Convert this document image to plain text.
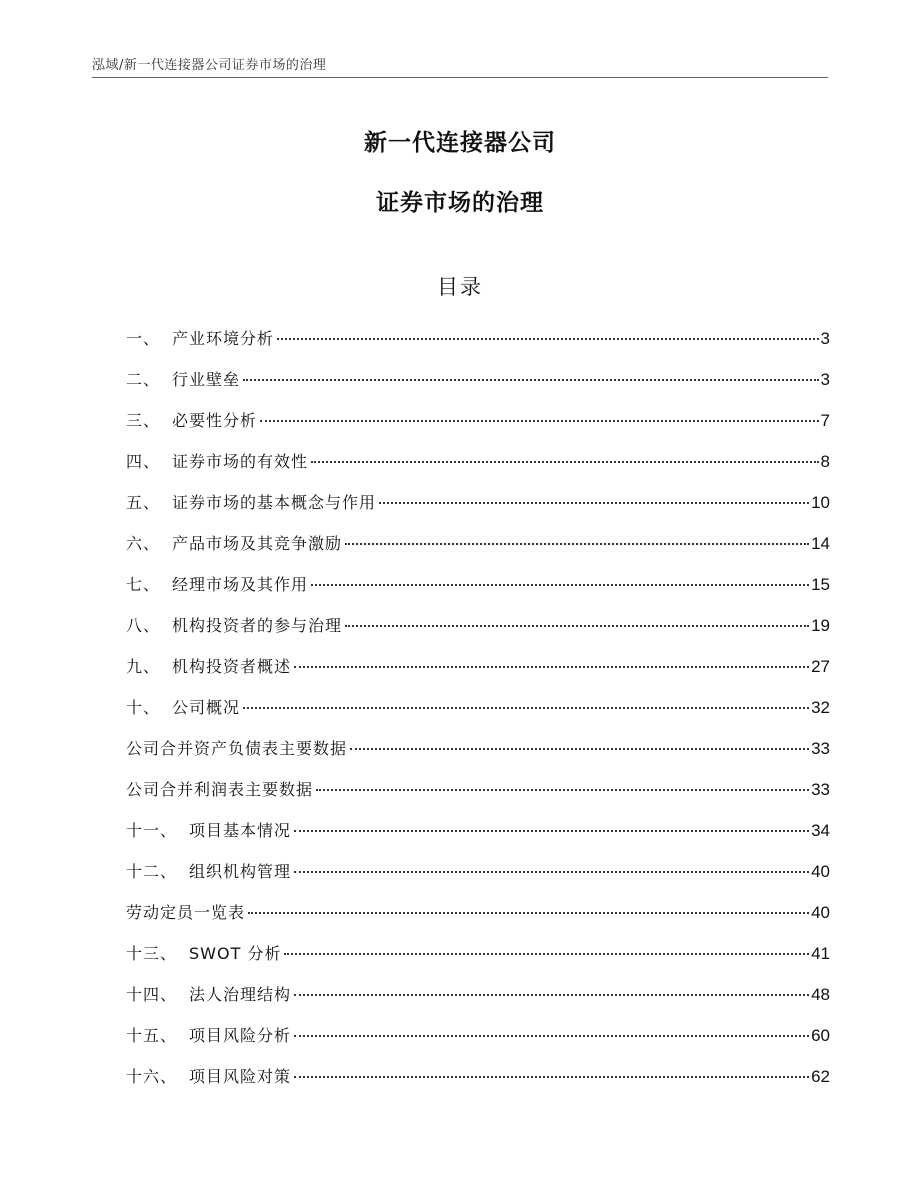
泓域/新一代连接器公司证券市场的治理
新一代连接器公司
证券市场的治理
目录
一、 产业环境分析	3
二、 行业壁垒	3
三、 必要性分析	7
四、 证券市场的有效性	8
五、 证券市场的基本概念与作用	10
六、 产品市场及其竞争激励	14
七、 经理市场及其作用	15
八、 机构投资者的参与治理	19
九、 机构投资者概述	27
十、 公司概况	32
公司合并资产负债表主要数据	33
公司合并利润表主要数据	33
十一、 项目基本情况	34
十二、 组织机构管理	40
劳动定员一览表	40
十三、 SWOT 分析	41
十四、 法人治理结构	48
十五、 项目风险分析	60
十六、 项目风险对策	62
